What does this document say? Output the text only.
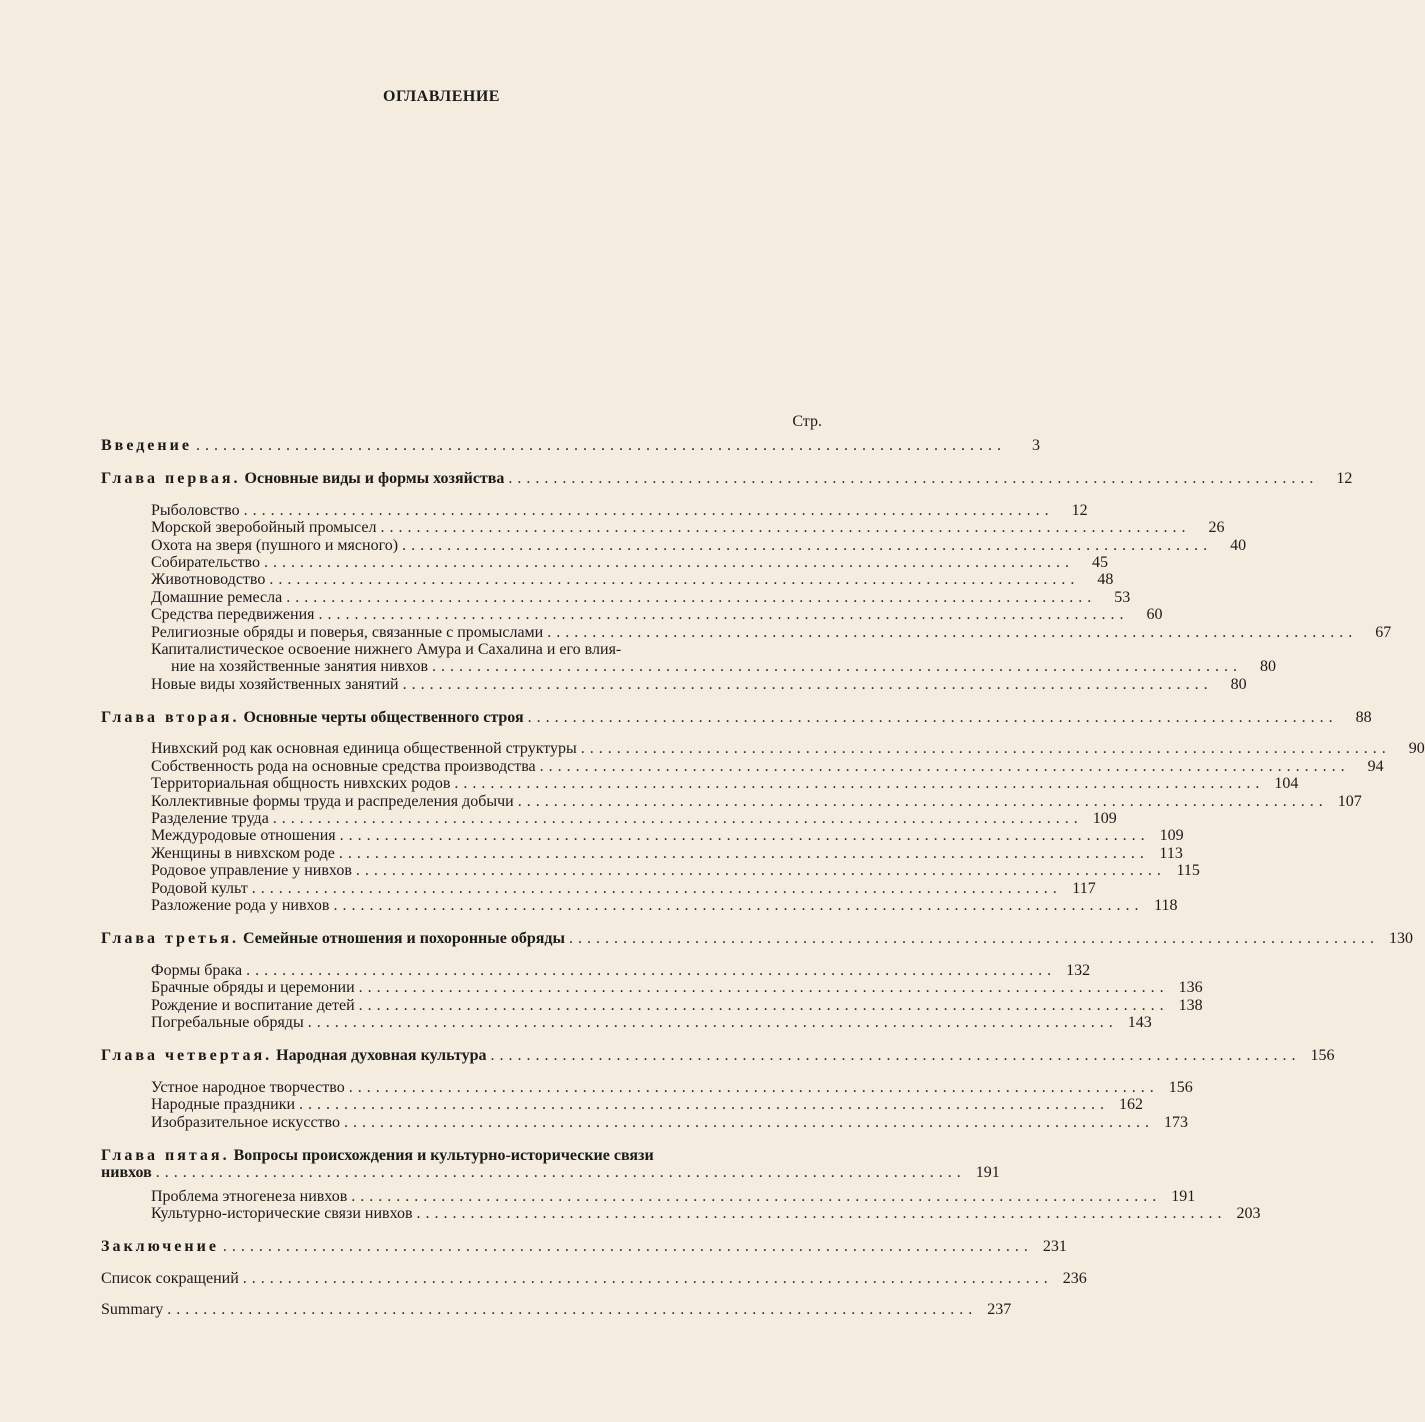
ОГЛАВЛЕНИЕ
Стр.
Введение ..........................................................................................	3
Глава первая. Основные виды и формы хозяйства ..........................................................................................	12
Рыболовство ..........................................................................................	12
Морской зверобойный промысел ..........................................................................................	26
Охота на зверя (пушного и мясного) ..........................................................................................	40
Собирательство ..........................................................................................	45
Животноводство ..........................................................................................	48
Домашние ремесла ..........................................................................................	53
Средства передвижения ..........................................................................................	60
Религиозные обряды и поверья, связанные с промыслами ..........................................................................................	67
Капиталистическое освоение нижнего Амура и Сахалина и его влия-
ние на хозяйственные занятия нивхов ..........................................................................................	80
Новые виды хозяйственных занятий ..........................................................................................	80
Глава вторая. Основные черты общественного строя ..........................................................................................	88
Нивхский род как основная единица общественной структуры ..........................................................................................	90
Собственность рода на основные средства производства ..........................................................................................	94
Территориальная общность нивхских родов .......................................................................................... 104
Коллективные формы труда и распределения добычи .......................................................................................... 107
Разделение труда .......................................................................................... 109
Междуродовые отношения .......................................................................................... 109
Женщины в нивхском роде .......................................................................................... 113
Родовое управление у нивхов .......................................................................................... 115
Родовой культ .......................................................................................... 117
Разложение рода у нивхов .......................................................................................... 118
Глава третья. Семейные отношения и похоронные обряды .......................................................................................... 130
Формы брака .......................................................................................... 132
Брачные обряды и церемонии .......................................................................................... 136
Рождение и воспитание детей .......................................................................................... 138
Погребальные обряды .......................................................................................... 143
Глава четвертая. Народная духовная культура .......................................................................................... 156
Устное народное творчество .......................................................................................... 156
Народные праздники .......................................................................................... 162
Изобразительное искусство .......................................................................................... 173
Глава пятая. Вопросы происхождения и культурно-исторические связи
нивхов .......................................................................................... 191
Проблема этногенеза нивхов .......................................................................................... 191
Культурно-исторические связи нивхов .......................................................................................... 203
Заключение .......................................................................................... 231
Список сокращений .......................................................................................... 236
Summary .......................................................................................... 237
